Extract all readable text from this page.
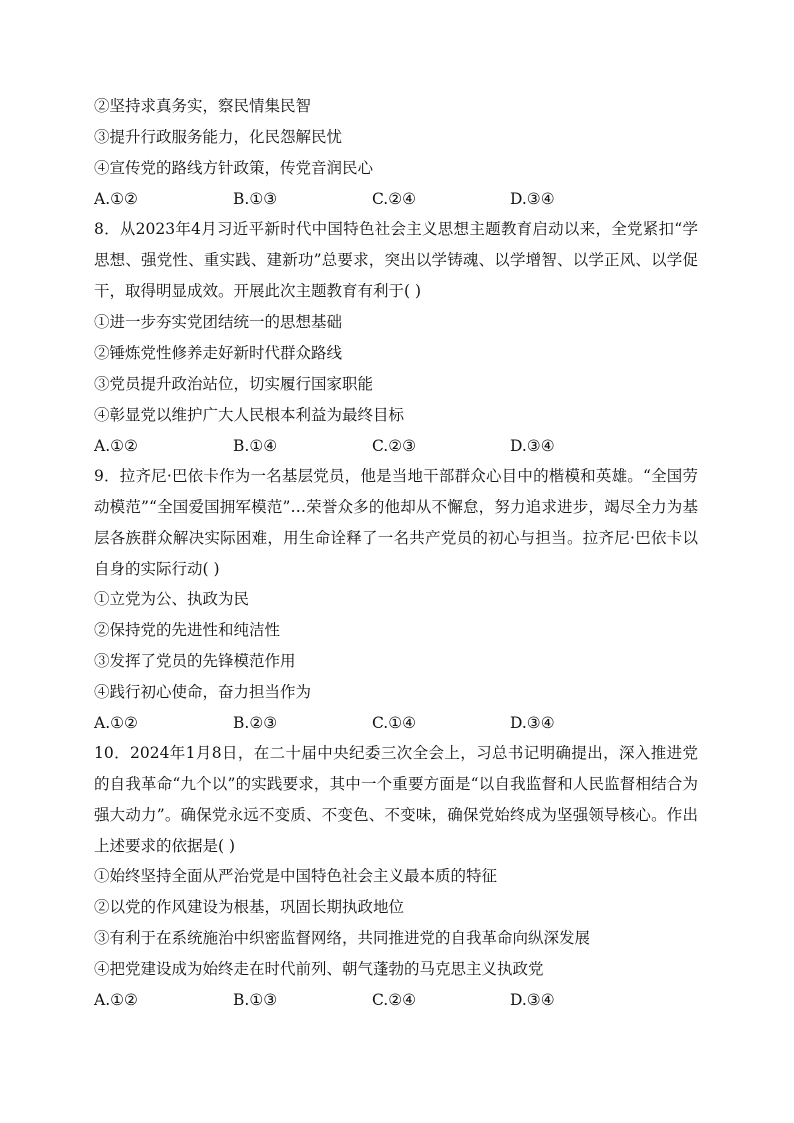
②坚持求真务实，察民情集民智
③提升行政服务能力，化民怨解民忧
④宣传党的路线方针政策，传党音润民心
A.①②	B.①③	C.②④	D.③④
8．从2023年4月习近平新时代中国特色社会主义思想主题教育启动以来，全党紧扣“学思想、强党性、重实践、建新功”总要求，突出以学铸魂、以学增智、以学正风、以学促干，取得明显成效。开展此次主题教育有利于( )
①进一步夯实党团结统一的思想基础
②锤炼党性修养走好新时代群众路线
③党员提升政治站位，切实履行国家职能
④彰显党以维护广大人民根本利益为最终目标
A.①②	B.①④	C.②③	D.③④
9．拉齐尼·巴依卡作为一名基层党员，他是当地干部群众心目中的楷模和英雄。“全国劳动模范”“全国爱国拥军模范”…荣誉众多的他却从不懈怠，努力追求进步，竭尽全力为基层各族群众解决实际困难，用生命诠释了一名共产党员的初心与担当。拉齐尼·巴依卡以自身的实际行动( )
①立党为公、执政为民
②保持党的先进性和纯洁性
③发挥了党员的先锋模范作用
④践行初心使命，奋力担当作为
A.①②	B.②③	C.①④	D.③④
10．2024年1月8日，在二十届中央纪委三次全会上，习总书记明确提出，深入推进党的自我革命“九个以”的实践要求，其中一个重要方面是“以自我监督和人民监督相结合为强大动力”。确保党永远不变质、不变色、不变味，确保党始终成为坚强领导核心。作出上述要求的依据是( )
①始终坚持全面从严治党是中国特色社会主义最本质的特征
②以党的作风建设为根基，巩固长期执政地位
③有利于在系统施治中织密监督网络，共同推进党的自我革命向纵深发展
④把党建设成为始终走在时代前列、朝气蓬勃的马克思主义执政党
A.①②	B.①③	C.②④	D.③④
